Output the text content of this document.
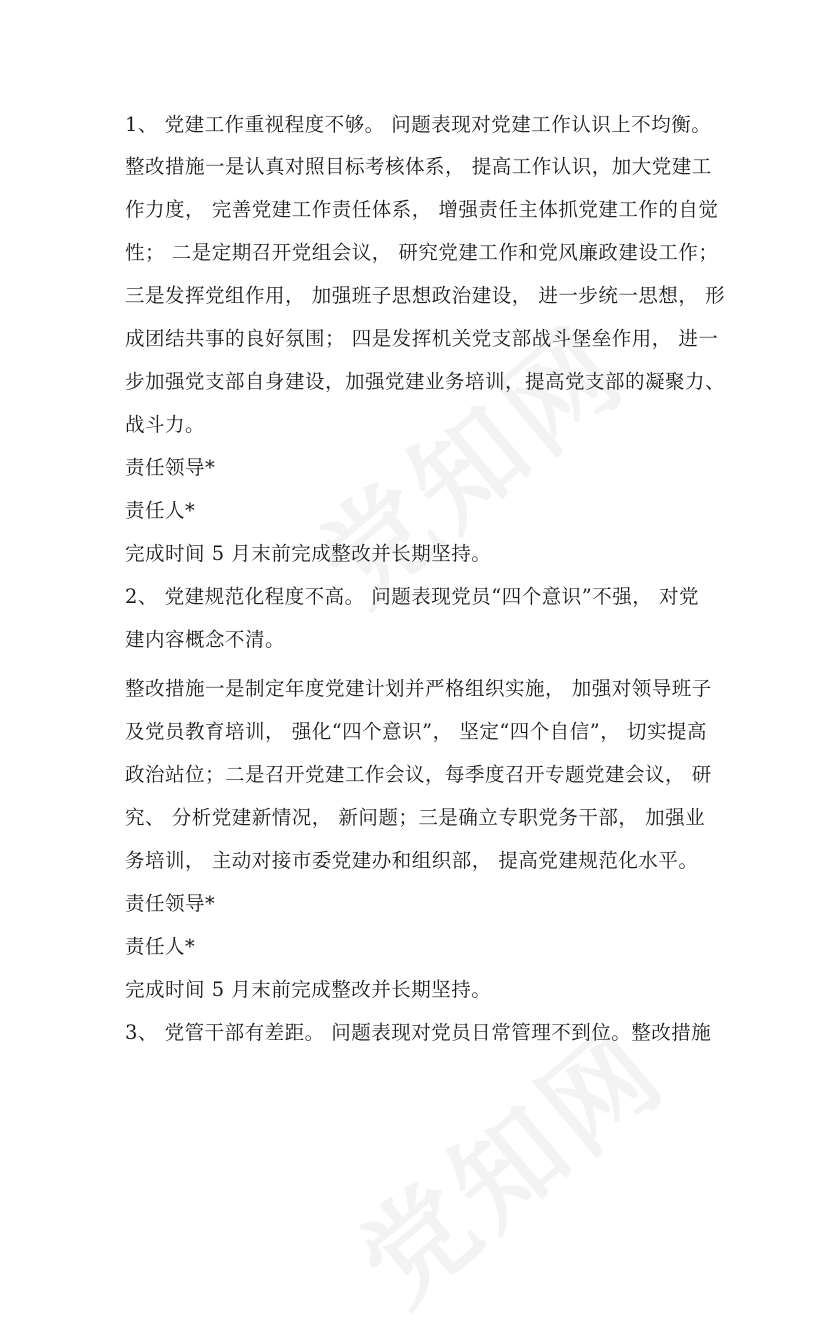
1、 党建工作重视程度不够。 问题表现对党建工作认识上不均衡。
整改措施一是认真对照目标考核体系， 提高工作认识，加大党建工
作力度， 完善党建工作责任体系， 增强责任主体抓党建工作的自觉
性； 二是定期召开党组会议， 研究党建工作和党风廉政建设工作；
三是发挥党组作用， 加强班子思想政治建设， 进一步统一思想， 形
成团结共事的良好氛围； 四是发挥机关党支部战斗堡垒作用， 进一
步加强党支部自身建设，加强党建业务培训，提高党支部的凝聚力、
战斗力。
责任领导*
责任人*
完成时间 5 月末前完成整改并长期坚持。
2、 党建规范化程度不高。 问题表现党员“四个意识”不强， 对党
建内容概念不清。
整改措施一是制定年度党建计划并严格组织实施， 加强对领导班子
及党员教育培训， 强化“四个意识”， 坚定“四个自信”， 切实提高
政治站位；二是召开党建工作会议，每季度召开专题党建会议， 研
究、 分析党建新情况， 新问题；三是确立专职党务干部， 加强业
务培训， 主动对接市委党建办和组织部， 提高党建规范化水平。
责任领导*
责任人*
完成时间 5 月末前完成整改并长期坚持。
3、 党管干部有差距。 问题表现对党员日常管理不到位。整改措施
